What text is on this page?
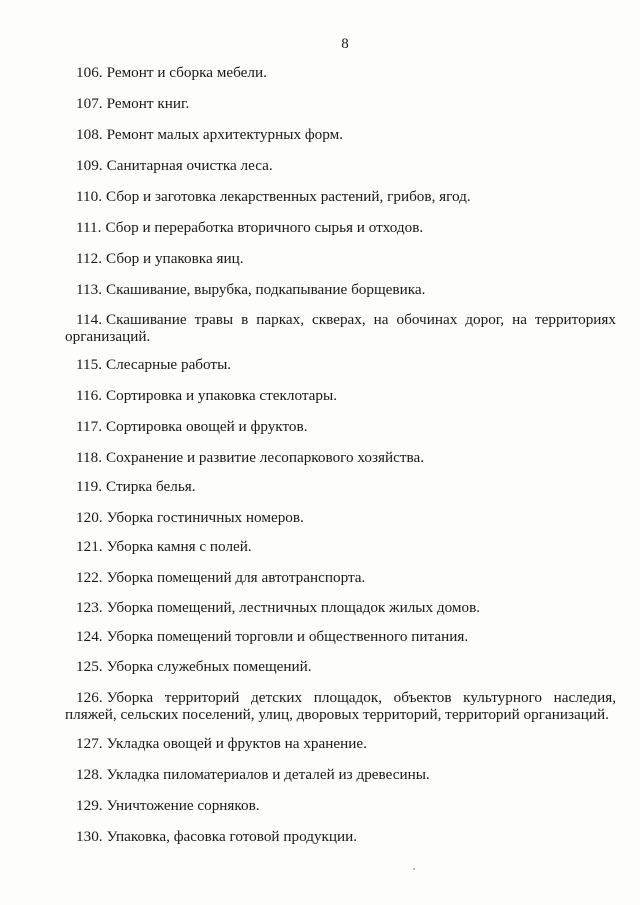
8
106. Ремонт и сборка мебели.
107. Ремонт книг.
108. Ремонт малых архитектурных форм.
109. Санитарная очистка леса.
110. Сбор и заготовка лекарственных растений, грибов, ягод.
111. Сбор и переработка вторичного сырья и отходов.
112. Сбор и упаковка яиц.
113. Скашивание, вырубка, подкапывание борщевика.
114. Скашивание травы в парках, скверах, на обочинах дорог, на территориях
организаций.
115. Слесарные работы.
116. Сортировка и упаковка стеклотары.
117. Сортировка овощей и фруктов.
118. Сохранение и развитие лесопаркового хозяйства.
119. Стирка белья.
120. Уборка гостиничных номеров.
121. Уборка камня с полей.
122. Уборка помещений для автотранспорта.
123. Уборка помещений, лестничных площадок жилых домов.
124. Уборка помещений торговли и общественного питания.
125. Уборка служебных помещений.
126. Уборка территорий детских площадок, объектов культурного наследия,
пляжей, сельских поселений, улиц, дворовых территорий, территорий организаций.
127. Укладка овощей и фруктов на хранение.
128. Укладка пиломатериалов и деталей из древесины.
129. Уничтожение сорняков.
130. Упаковка, фасовка готовой продукции.
